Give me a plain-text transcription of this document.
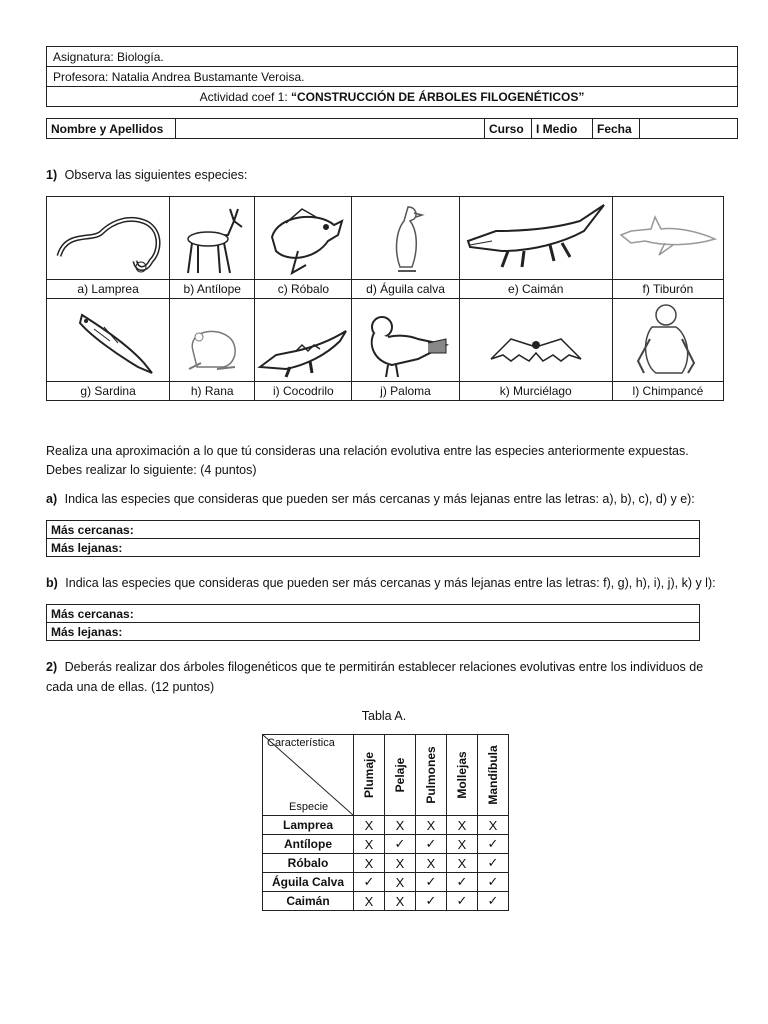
Asignatura: Biología.
Profesora: Natalia Andrea Bustamante Veroisa.
Actividad coef 1: “CONSTRUCCIÓN DE ÁRBOLES FILOGENÉTICOS”
Nombre y Apellidos		Curso	I Medio	Fecha	
1) Observa las siguientes especies:

a) Lamprea	b) Antílope	c) Róbalo	d) Águila calva	e) Caimán	f) Tiburón

g) Sardina	h) Rana	i) Cocodrilo	j) Paloma	k) Murciélago	l) Chimpancé
Realiza una aproximación a lo que tú consideras una relación evolutiva entre las especies anteriormente expuestas.
Debes realizar lo siguiente: (4 puntos)
a) Indica las especies que consideras que pueden ser más cercanas y más lejanas entre las letras: a), b), c), d) y e):
Más cercanas:
Más lejanas:
b) Indica las especies que consideras que pueden ser más cercanas y más lejanas entre las letras: f), g), h), i), j), k) y l):
Más cercanas:
Más lejanas:
2) Deberás realizar dos árboles filogenéticos que te permitirán establecer relaciones evolutivas entre los individuos de
cada una de ellas. (12 puntos)
Tabla A.
Característica
Especie	Plumaje	Pelaje	Pulmones	Mollejas	Mandíbula

Lamprea	X	X	X	X	X
Antílope	X	✓	✓	X	✓
Róbalo	X	X	X	X	✓
Águila Calva	✓	X	✓	✓	✓
Caimán	X	X	✓	✓	✓
